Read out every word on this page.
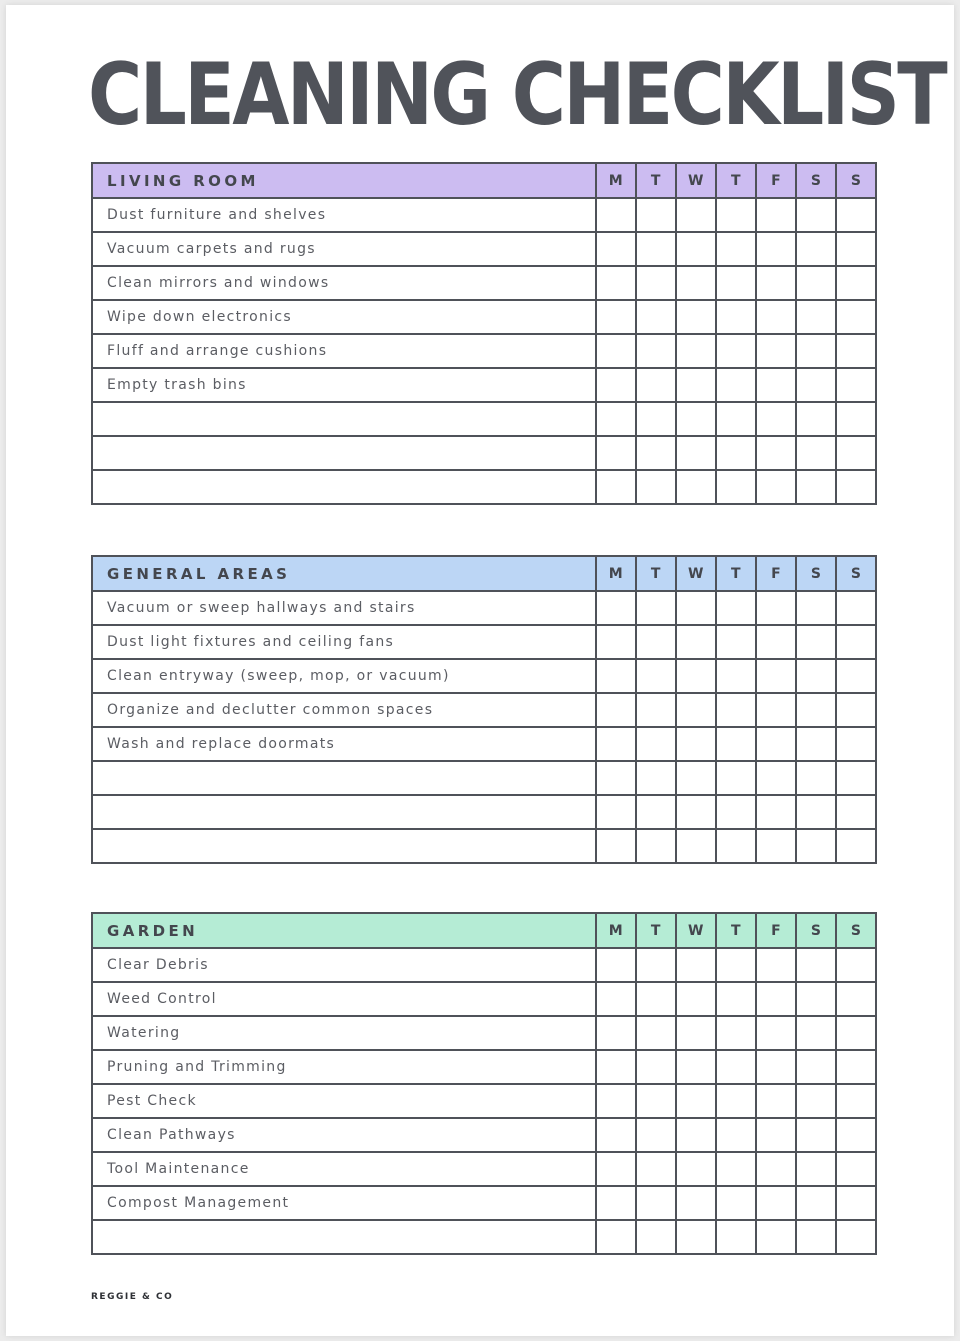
CLEANING CHECKLIST
LIVING ROOM	M	T	W	T	F	S	S
Dust furniture and shelves							
Vacuum carpets and rugs							
Clean mirrors and windows							
Wipe down electronics							
Fluff and arrange cushions							
Empty trash bins							

GENERAL AREAS	M	T	W	T	F	S	S
Vacuum or sweep hallways and stairs							
Dust light fixtures and ceiling fans							
Clean entryway (sweep, mop, or vacuum)							
Organize and declutter common spaces							
Wash and replace doormats							

GARDEN	M	T	W	T	F	S	S
Clear Debris							
Weed Control							
Watering							
Pruning and Trimming							
Pest Check							
Clean Pathways							
Tool Maintenance							
Compost Management							

REGGIE & CO
